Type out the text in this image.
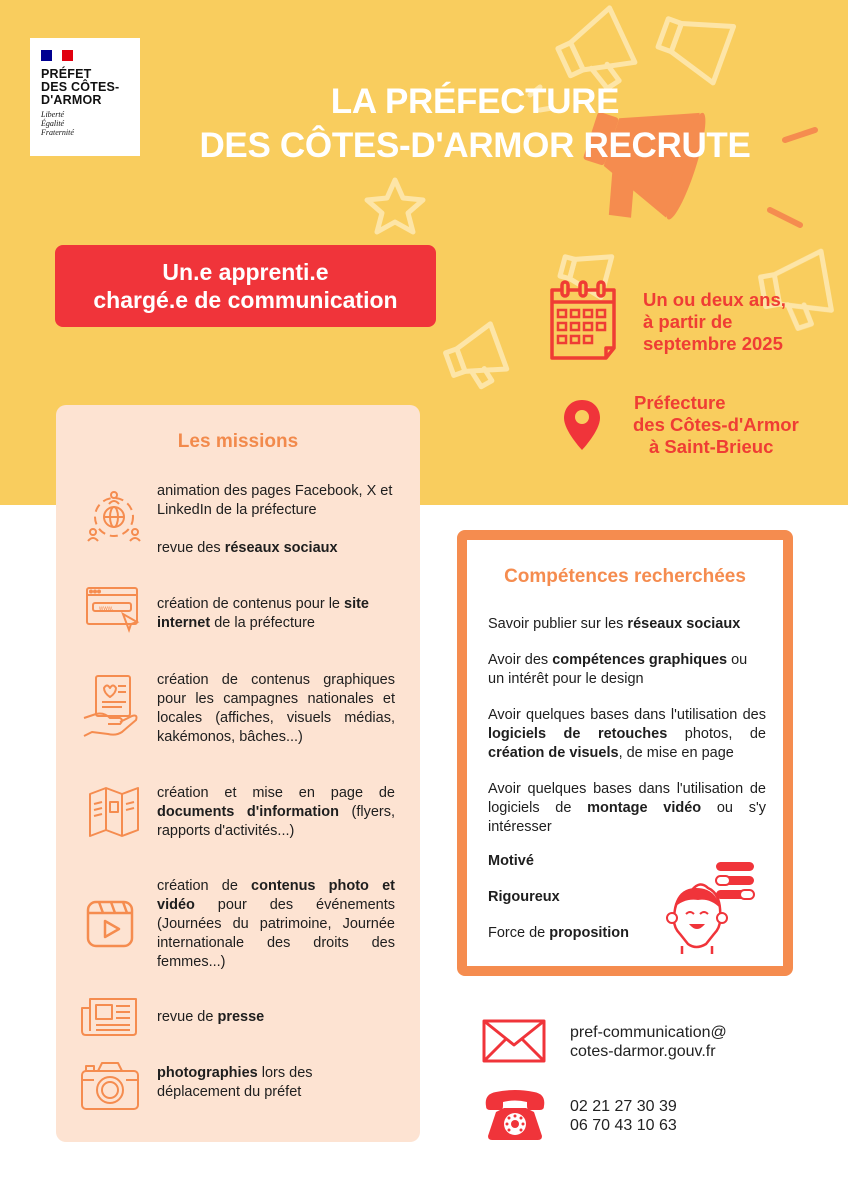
PRÉFET
DES CÔTES-
D'ARMOR
Liberté
Égalité
Fraternité
LA PRÉFECTURE
DES CÔTES-D'ARMOR RECRUTE
Un.e apprenti.e
chargé.e de communication	Un ou deux ans,
à partir de
septembre 2025
Préfecture
des Côtes-d'Armor
à Saint-Brieuc
Les missions
www.
animation des pages Facebook, X et LinkedIn de la préfecture
revue des réseaux sociaux
création de contenus pour le site internet de la préfecture
création de contenus graphiques pour les campagnes nationales et locales (affiches, visuels médias, kakémonos, bâches...)
création et mise en page de documents d'information (flyers, rapports d'activités...)
création de contenus photo et vidéo pour des événements (Journées du patrimoine, Journée internationale des droits des femmes...)
revue de presse
photographies lors des déplacement du préfet
Compétences recherchées
Savoir publier sur les réseaux sociaux
Avoir des compétences graphiques ou un intérêt pour le design
Avoir quelques bases dans l'utilisation des logiciels de retouches photos, de création de visuels, de mise en page
Avoir quelques bases dans l'utilisation de logiciels de montage vidéo ou s'y intéresser
Motivé
Rigoureux
Force de proposition
pref-communication@
cotes-darmor.gouv.fr
02 21 27 30 39
06 70 43 10 63
